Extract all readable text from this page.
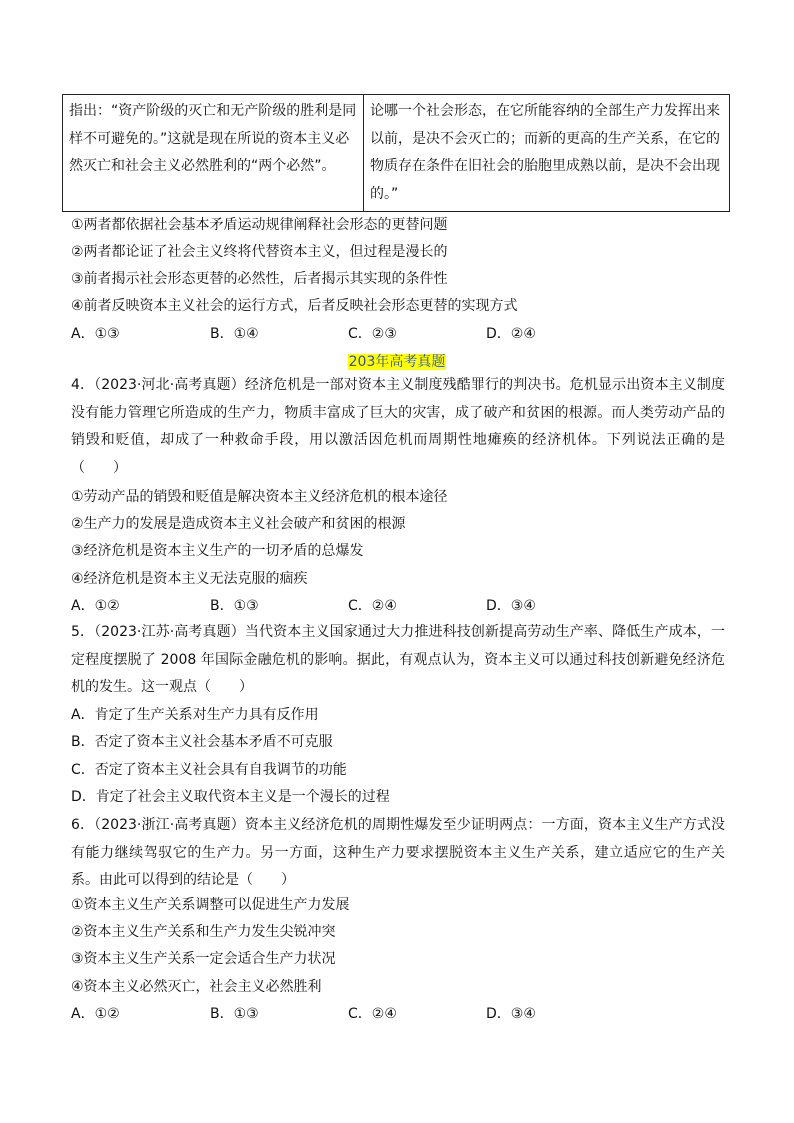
指出：“资产阶级的灭亡和无产阶级的胜利是同样不可避免的。”这就是现在所说的资本主义必然灭亡和社会主义必然胜利的“两个必然”。	论哪一个社会形态，在它所能容纳的全部生产力发挥出来以前，是决不会灭亡的；而新的更高的生产关系，在它的物质存在条件在旧社会的胎胞里成熟以前，是决不会出现的。”
①两者都依据社会基本矛盾运动规律阐释社会形态的更替问题
②两者都论证了社会主义终将代替资本主义，但过程是漫长的
③前者揭示社会形态更替的必然性，后者揭示其实现的条件性
④前者反映资本主义社会的运行方式，后者反映社会形态更替的实现方式
A．①③	B．①④	C．②③	D．②④
203年高考真题
4．（2023·河北·高考真题）经济危机是一部对资本主义制度残酷罪行的判决书。危机显示出资本主义制度没有能力管理它所造成的生产力，物质丰富成了巨大的灾害，成了破产和贫困的根源。而人类劳动产品的销毁和贬值，却成了一种救命手段，用以激活因危机而周期性地瘫痪的经济机体。下列说法正确的是（　　）
①劳动产品的销毁和贬值是解决资本主义经济危机的根本途径
②生产力的发展是造成资本主义社会破产和贫困的根源
③经济危机是资本主义生产的一切矛盾的总爆发
④经济危机是资本主义无法克服的痼疾
A．①②	B．①③	C．②④	D．③④
5．（2023·江苏·高考真题）当代资本主义国家通过大力推进科技创新提高劳动生产率、降低生产成本，一定程度摆脱了 2008 年国际金融危机的影响。据此，有观点认为，资本主义可以通过科技创新避免经济危机的发生。这一观点（　　）
A．肯定了生产关系对生产力具有反作用
B．否定了资本主义社会基本矛盾不可克服
C．否定了资本主义社会具有自我调节的功能
D．肯定了社会主义取代资本主义是一个漫长的过程
6．（2023·浙江·高考真题）资本主义经济危机的周期性爆发至少证明两点：一方面，资本主义生产方式没有能力继续驾驭它的生产力。另一方面，这种生产力要求摆脱资本主义生产关系，建立适应它的生产关系。由此可以得到的结论是（　　）
①资本主义生产关系调整可以促进生产力发展
②资本主义生产关系和生产力发生尖锐冲突
③资本主义生产关系一定会适合生产力状况
④资本主义必然灭亡，社会主义必然胜利
A．①②	B．①③	C．②④	D．③④
